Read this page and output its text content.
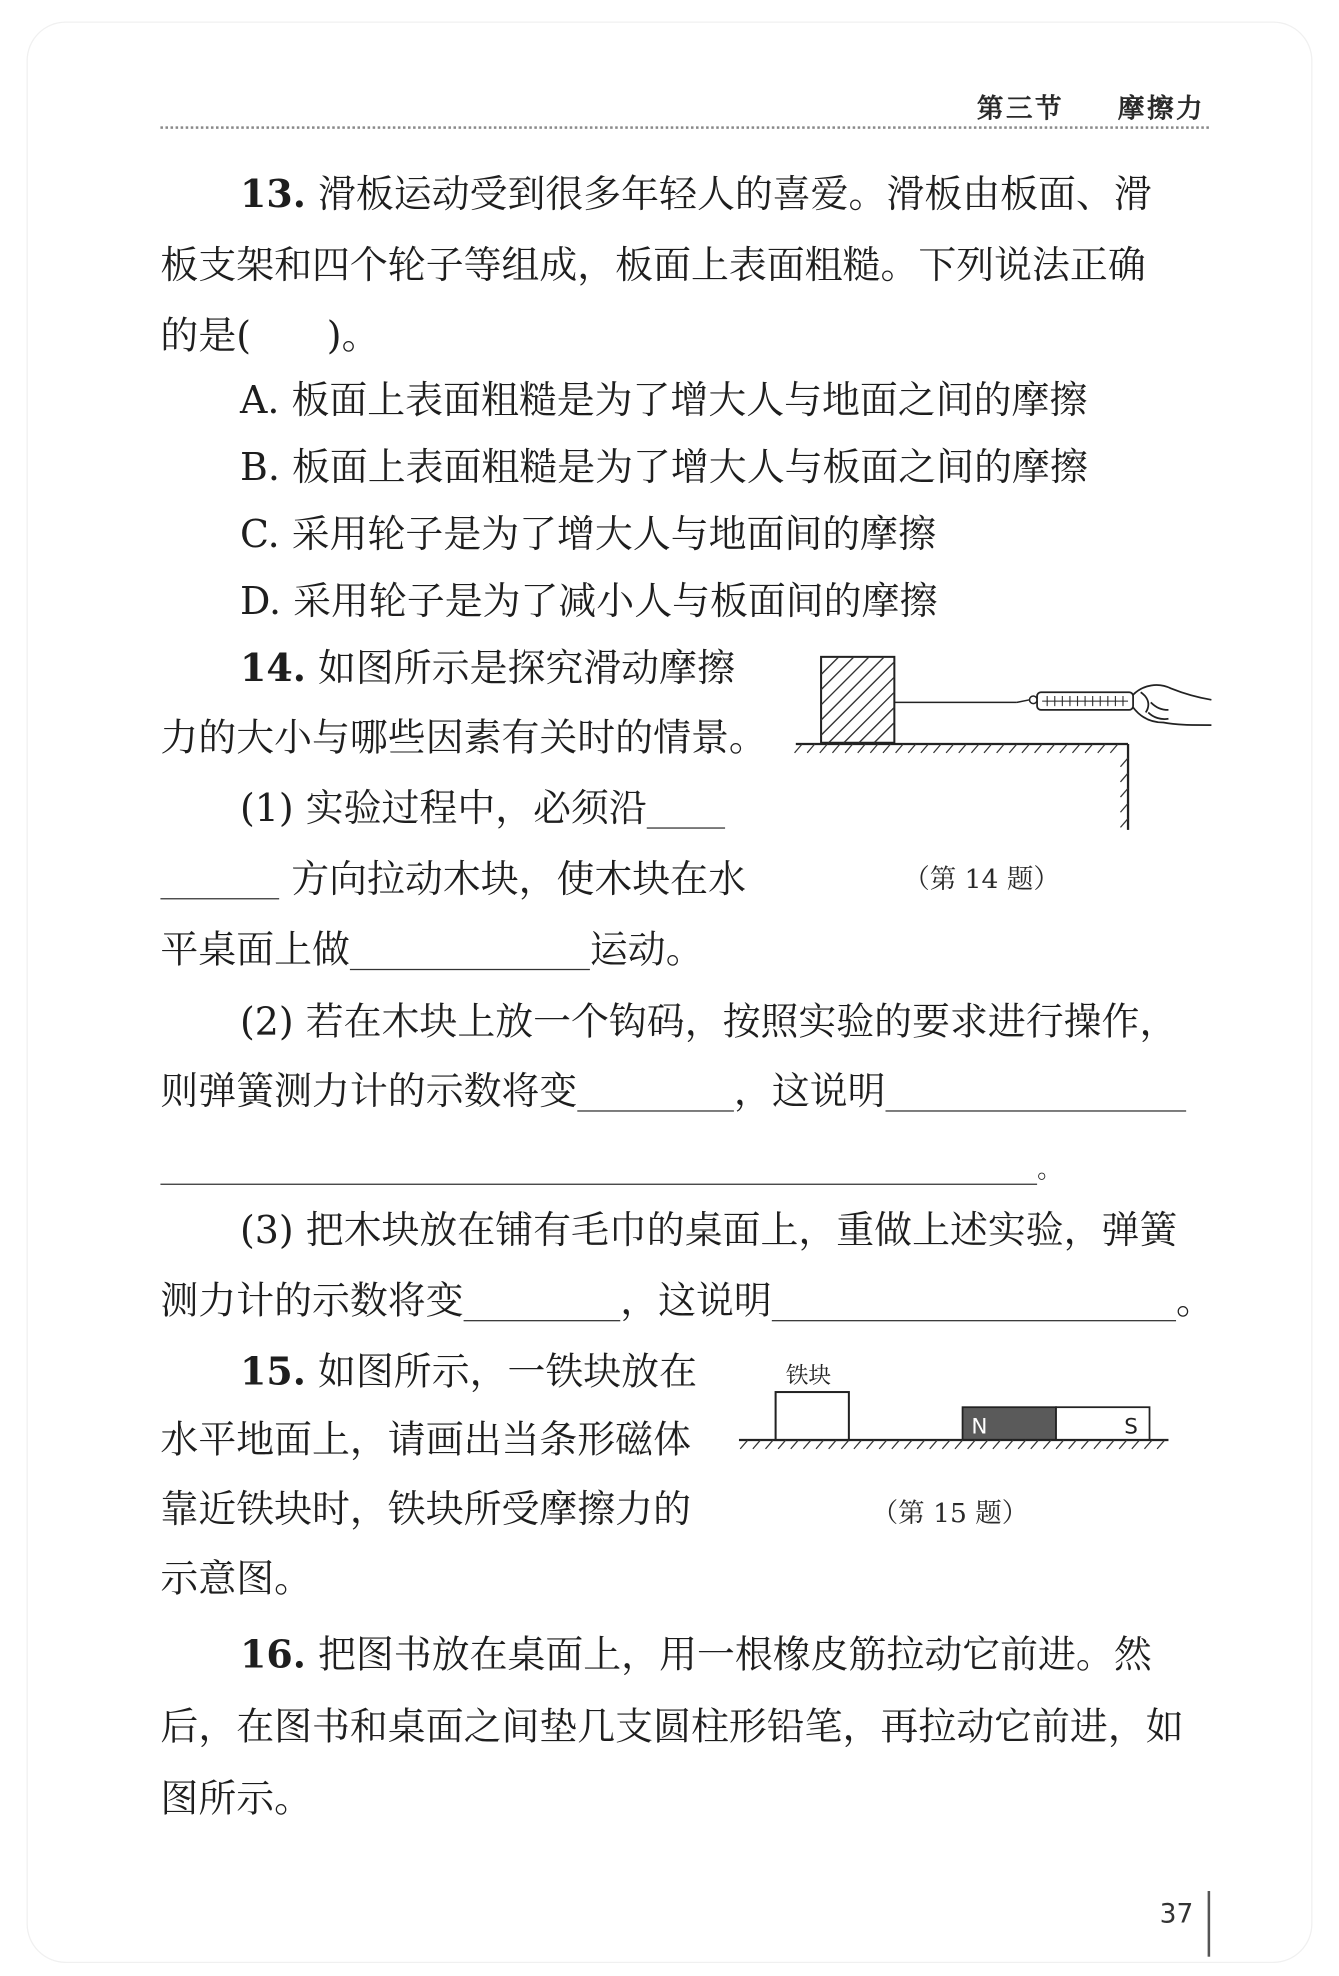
第三节	摩擦力
13. 滑板运动受到很多年轻人的喜爱。滑板由板面、滑
板支架和四个轮子等组成，板面上表面粗糙。下列说法正确
的是(　　)。
A. 板面上表面粗糙是为了增大人与地面之间的摩擦
B. 板面上表面粗糙是为了增大人与板面之间的摩擦
C. 采用轮子是为了增大人与地面间的摩擦
D. 采用轮子是为了减小人与板面间的摩擦
14. 如图所示是探究滑动摩擦
力的大小与哪些因素有关时的情景。
(1) 实验过程中，必须沿
方向拉动木块，使木块在水
平桌面上做	运动。
(2) 若在木块上放一个钩码，按照实验的要求进行操作，
则弹簧测力计的示数将变	，这说明
。
(3) 把木块放在铺有毛巾的桌面上，重做上述实验，弹簧
测力计的示数将变	，这说明	。
（第 14 题）
15. 如图所示，一铁块放在
水平地面上，请画出当条形磁体
靠近铁块时，铁块所受摩擦力的
示意图。
铁块
N	S
（第 15 题）
16. 把图书放在桌面上，用一根橡皮筋拉动它前进。然
后，在图书和桌面之间垫几支圆柱形铅笔，再拉动它前进，如
图所示。
37
